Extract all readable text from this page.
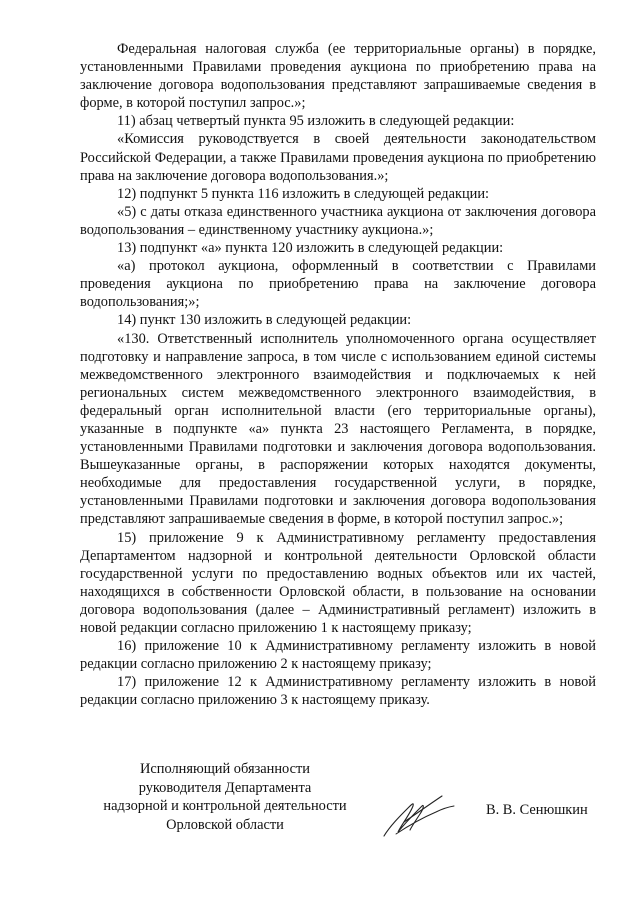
Федеральная налоговая служба (ее территориальные органы) в порядке, установленными Правилами проведения аукциона по приобретению права на заключение договора водопользования представляют запрашиваемые сведения в форме, в которой поступил запрос.»;

11) абзац четвертый пункта 95 изложить в следующей редакции:

«Комиссия руководствуется в своей деятельности законодательством Российской Федерации, а также Правилами проведения аукциона по приобретению права на заключение договора водопользования.»;

12) подпункт 5 пункта 116 изложить в следующей редакции:

«5) с даты отказа единственного участника аукциона от заключения договора водопользования – единственному участнику аукциона.»;

13) подпункт «а» пункта 120 изложить в следующей редакции:

«а) протокол аукциона, оформленный в соответствии с Правилами проведения аукциона по приобретению права на заключение договора водопользования;»;

14) пункт 130 изложить в следующей редакции:

«130. Ответственный исполнитель уполномоченного органа осуществляет подготовку и направление запроса, в том числе с использованием единой системы межведомственного электронного взаимодействия и подключаемых к ней региональных систем межведомственного электронного взаимодействия, в федеральный орган исполнительной власти (его территориальные органы), указанные в подпункте «а» пункта 23 настоящего Регламента, в порядке, установленными Правилами подготовки и заключения договора водопользования. Вышеуказанные органы, в распоряжении которых находятся документы, необходимые для предоставления государственной услуги, в порядке, установленными Правилами подготовки и заключения договора водопользования представляют запрашиваемые сведения в форме, в которой поступил запрос.»;

15) приложение 9 к Административному регламенту предоставления Департаментом надзорной и контрольной деятельности Орловской области государственной услуги по предоставлению водных объектов или их частей, находящихся в собственности Орловской области, в пользование на основании договора водопользования (далее – Административный регламент) изложить в новой редакции согласно приложению 1 к настоящему приказу;

16) приложение 10 к Административному регламенту изложить в новой редакции согласно приложению 2 к настоящему приказу;

17) приложение 12 к Административному регламенту изложить в новой редакции согласно приложению 3 к настоящему приказу.

Исполняющий обязанности
руководителя Департамента
надзорной и контрольной деятельности
Орловской области
В. В. Сенюшкин
